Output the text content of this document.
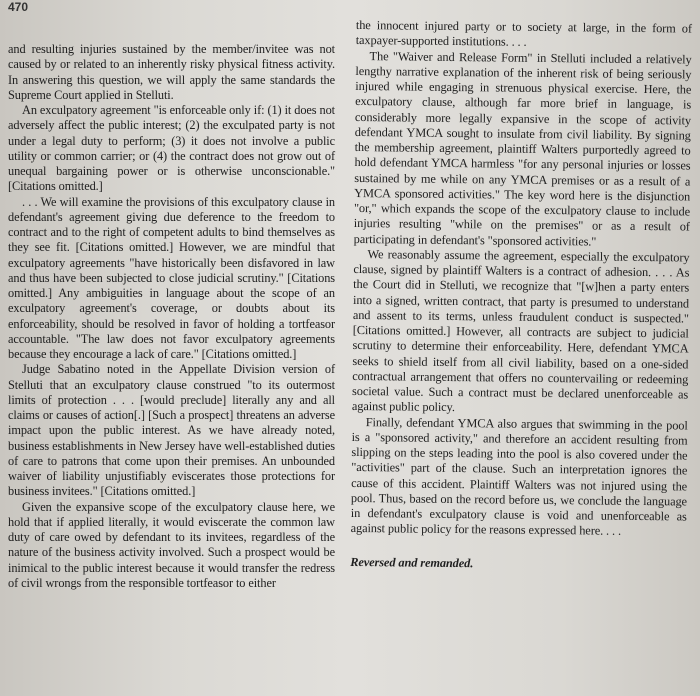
470

and resulting injuries sustained by the member/invitee was not caused by or related to an inherently risky physical fitness activity. In answering this question, we will apply the same standards the Supreme Court applied in Stelluti.

An exculpatory agreement "is enforceable only if: (1) it does not adversely affect the public interest; (2) the exculpated party is not under a legal duty to perform; (3) it does not involve a public utility or common carrier; or (4) the contract does not grow out of unequal bargaining power or is otherwise unconscionable." [Citations omitted.]

. . . We will examine the provisions of this exculpatory clause in defendant's agreement giving due deference to the freedom to contract and to the right of competent adults to bind themselves as they see fit. [Citations omitted.] However, we are mindful that exculpatory agreements "have historically been disfavored in law and thus have been subjected to close judicial scrutiny." [Citations omitted.] Any ambiguities in language about the scope of an exculpatory agreement's coverage, or doubts about its enforceability, should be resolved in favor of holding a tortfeasor accountable. "The law does not favor exculpatory agreements because they encourage a lack of care." [Citations omitted.]

Judge Sabatino noted in the Appellate Division version of Stelluti that an exculpatory clause construed "to its outermost limits of protection . . . [would preclude] literally any and all claims or causes of action[.] [Such a prospect] threatens an adverse impact upon the public interest. As we have already noted, business establishments in New Jersey have well-established duties of care to patrons that come upon their premises. An unbounded waiver of liability unjustifiably eviscerates those protections for business invitees." [Citations omitted.]

Given the expansive scope of the exculpatory clause here, we hold that if applied literally, it would eviscerate the common law duty of care owed by defendant to its invitees, regardless of the nature of the business activity involved. Such a prospect would be inimical to the public interest because it would transfer the redress of civil wrongs from the responsible tortfeasor to either

the innocent injured party or to society at large, in the form of taxpayer-supported institutions. . . .

The "Waiver and Release Form" in Stelluti included a relatively lengthy narrative explanation of the inherent risk of being seriously injured while engaging in strenuous physical exercise. Here, the exculpatory clause, although far more brief in language, is considerably more legally expansive in the scope of activity defendant YMCA sought to insulate from civil liability. By signing the membership agreement, plaintiff Walters purportedly agreed to hold defendant YMCA harmless "for any personal injuries or losses sustained by me while on any YMCA premises or as a result of a YMCA sponsored activities." The key word here is the disjunction "or," which expands the scope of the exculpatory clause to include injuries resulting "while on the premises" or as a result of participating in defendant's "sponsored activities."

We reasonably assume the agreement, especially the exculpatory clause, signed by plaintiff Walters is a contract of adhesion. . . . As the Court did in Stelluti, we recognize that "[w]hen a party enters into a signed, written contract, that party is presumed to understand and assent to its terms, unless fraudulent conduct is suspected." [Citations omitted.] However, all contracts are subject to judicial scrutiny to determine their enforceability. Here, defendant YMCA seeks to shield itself from all civil liability, based on a one-sided contractual arrangement that offers no countervailing or redeeming societal value. Such a contract must be declared unenforceable as against public policy.

Finally, defendant YMCA also argues that swimming in the pool is a "sponsored activity," and therefore an accident resulting from slipping on the steps leading into the pool is also covered under the "activities" part of the clause. Such an interpretation ignores the cause of this accident. Plaintiff Walters was not injured using the pool. Thus, based on the record before us, we conclude the language in defendant's exculpatory clause is void and unenforceable as against public policy for the reasons expressed here. . . .

Reversed and remanded.
